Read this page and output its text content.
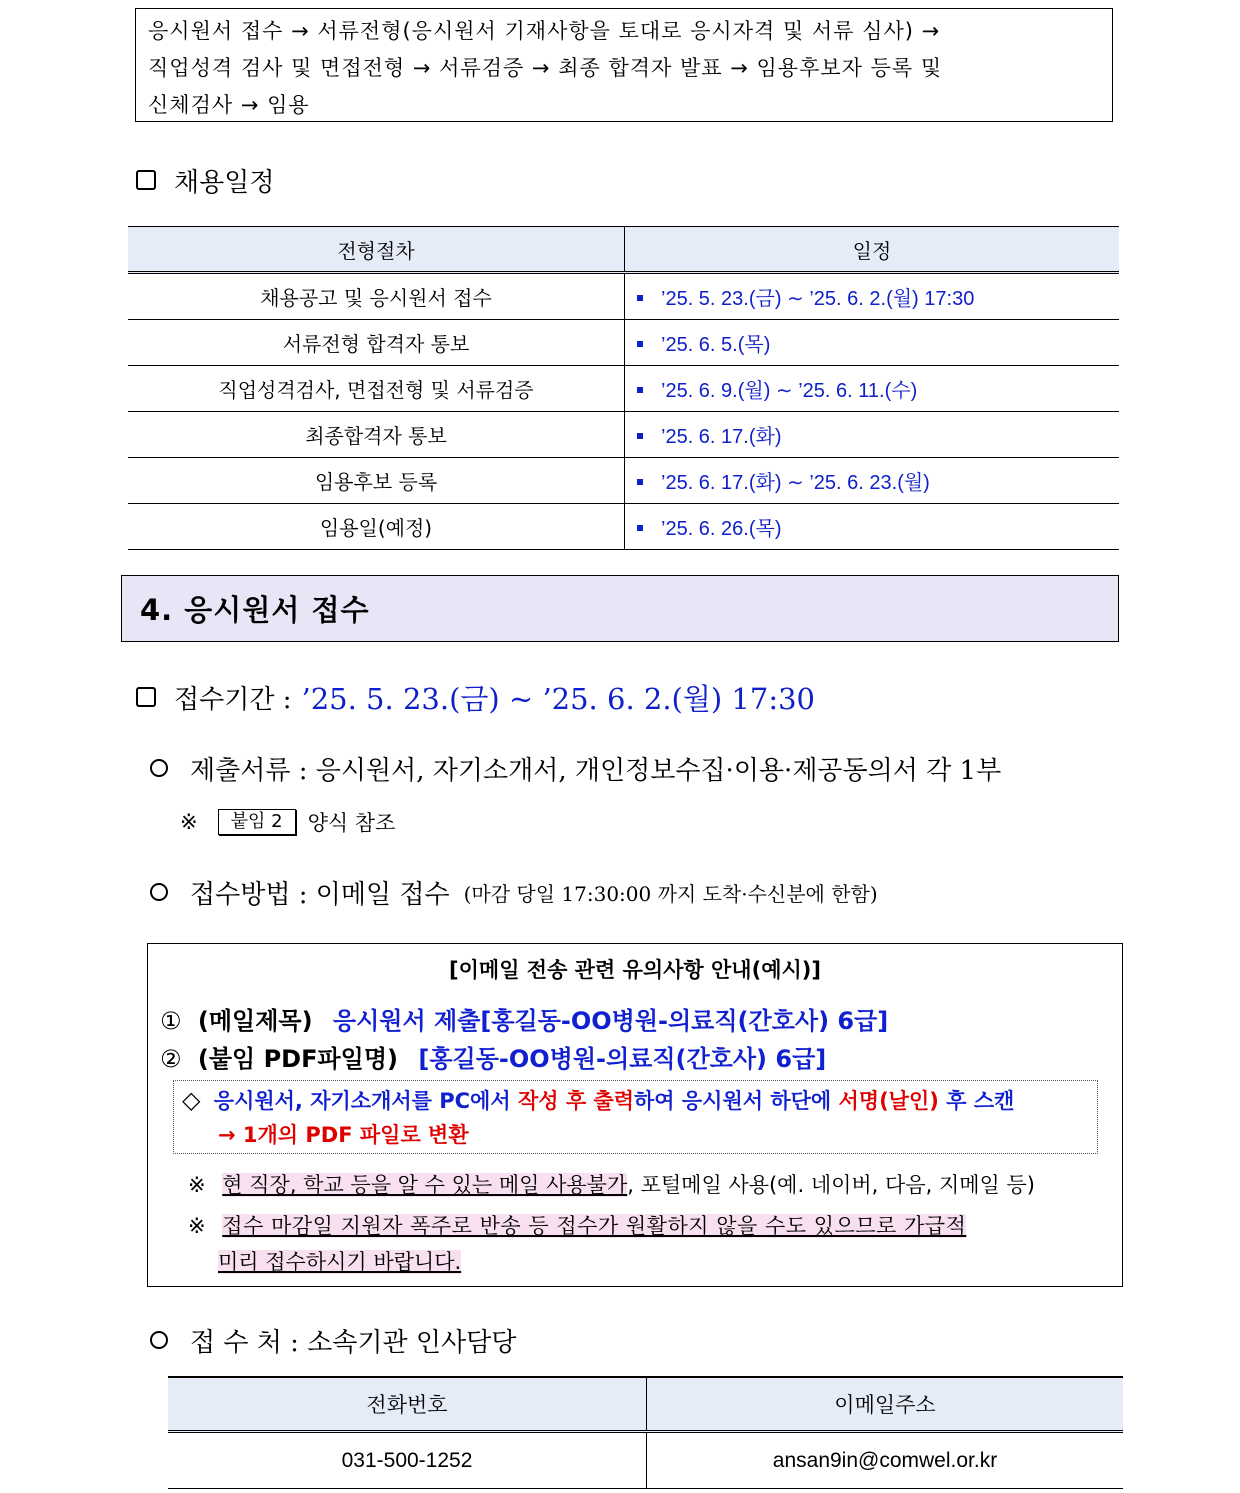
응시원서 접수 → 서류전형(응시원서 기재사항을 토대로 응시자격 및 서류 심사) →
직업성격 검사 및 면접전형 → 서류검증 → 최종 합격자 발표 → 임용후보자 등록 및
신체검사 → 임용
채용일정
전형절차	일정
채용공고 및 응시원서 접수	’25. 5. 23.(금) ∼ ’25. 6. 2.(월) 17:30
서류전형 합격자 통보	’25. 6. 5.(목)
직업성격검사, 면접전형 및 서류검증	’25. 6. 9.(월) ∼ ’25. 6. 11.(수)
최종합격자 통보	’25. 6. 17.(화)
임용후보 등록	’25. 6. 17.(화) ∼ ’25. 6. 23.(월)
임용일(예정)	’25. 6. 26.(목)
4. 응시원서 접수
접수기간 : ’25. 5. 23.(금) ∼ ’25. 6. 2.(월) 17:30
제출서류 : 응시원서, 자기소개서, 개인정보수집·이용·제공동의서 각 1부
※	붙임 2	양식 참조
접수방법 : 이메일 접수 (마감 당일 17:30:00 까지 도착·수신분에 한함)
[이메일 전송 관련 유의사항 안내(예시)]
① (메일제목) 응시원서 제출[홍길동-OO병원-의료직(간호사) 6급]
② (붙임 PDF파일명) [홍길동-OO병원-의료직(간호사) 6급]
◇ 응시원서, 자기소개서를 PC에서 작성 후 출력하여 응시원서 하단에 서명(날인) 후 스캔
→ 1개의 PDF 파일로 변환
※ 현 직장, 학교 등을 알 수 있는 메일 사용불가, 포털메일 사용(예. 네이버, 다음, 지메일 등)
※ 접수 마감일 지원자 폭주로 반송 등 접수가 원활하지 않을 수도 있으므로 가급적
미리 접수하시기 바랍니다.
접 수 처 : 소속기관 인사담당
전화번호	이메일주소
031-500-1252	ansan9in@comwel.or.kr
